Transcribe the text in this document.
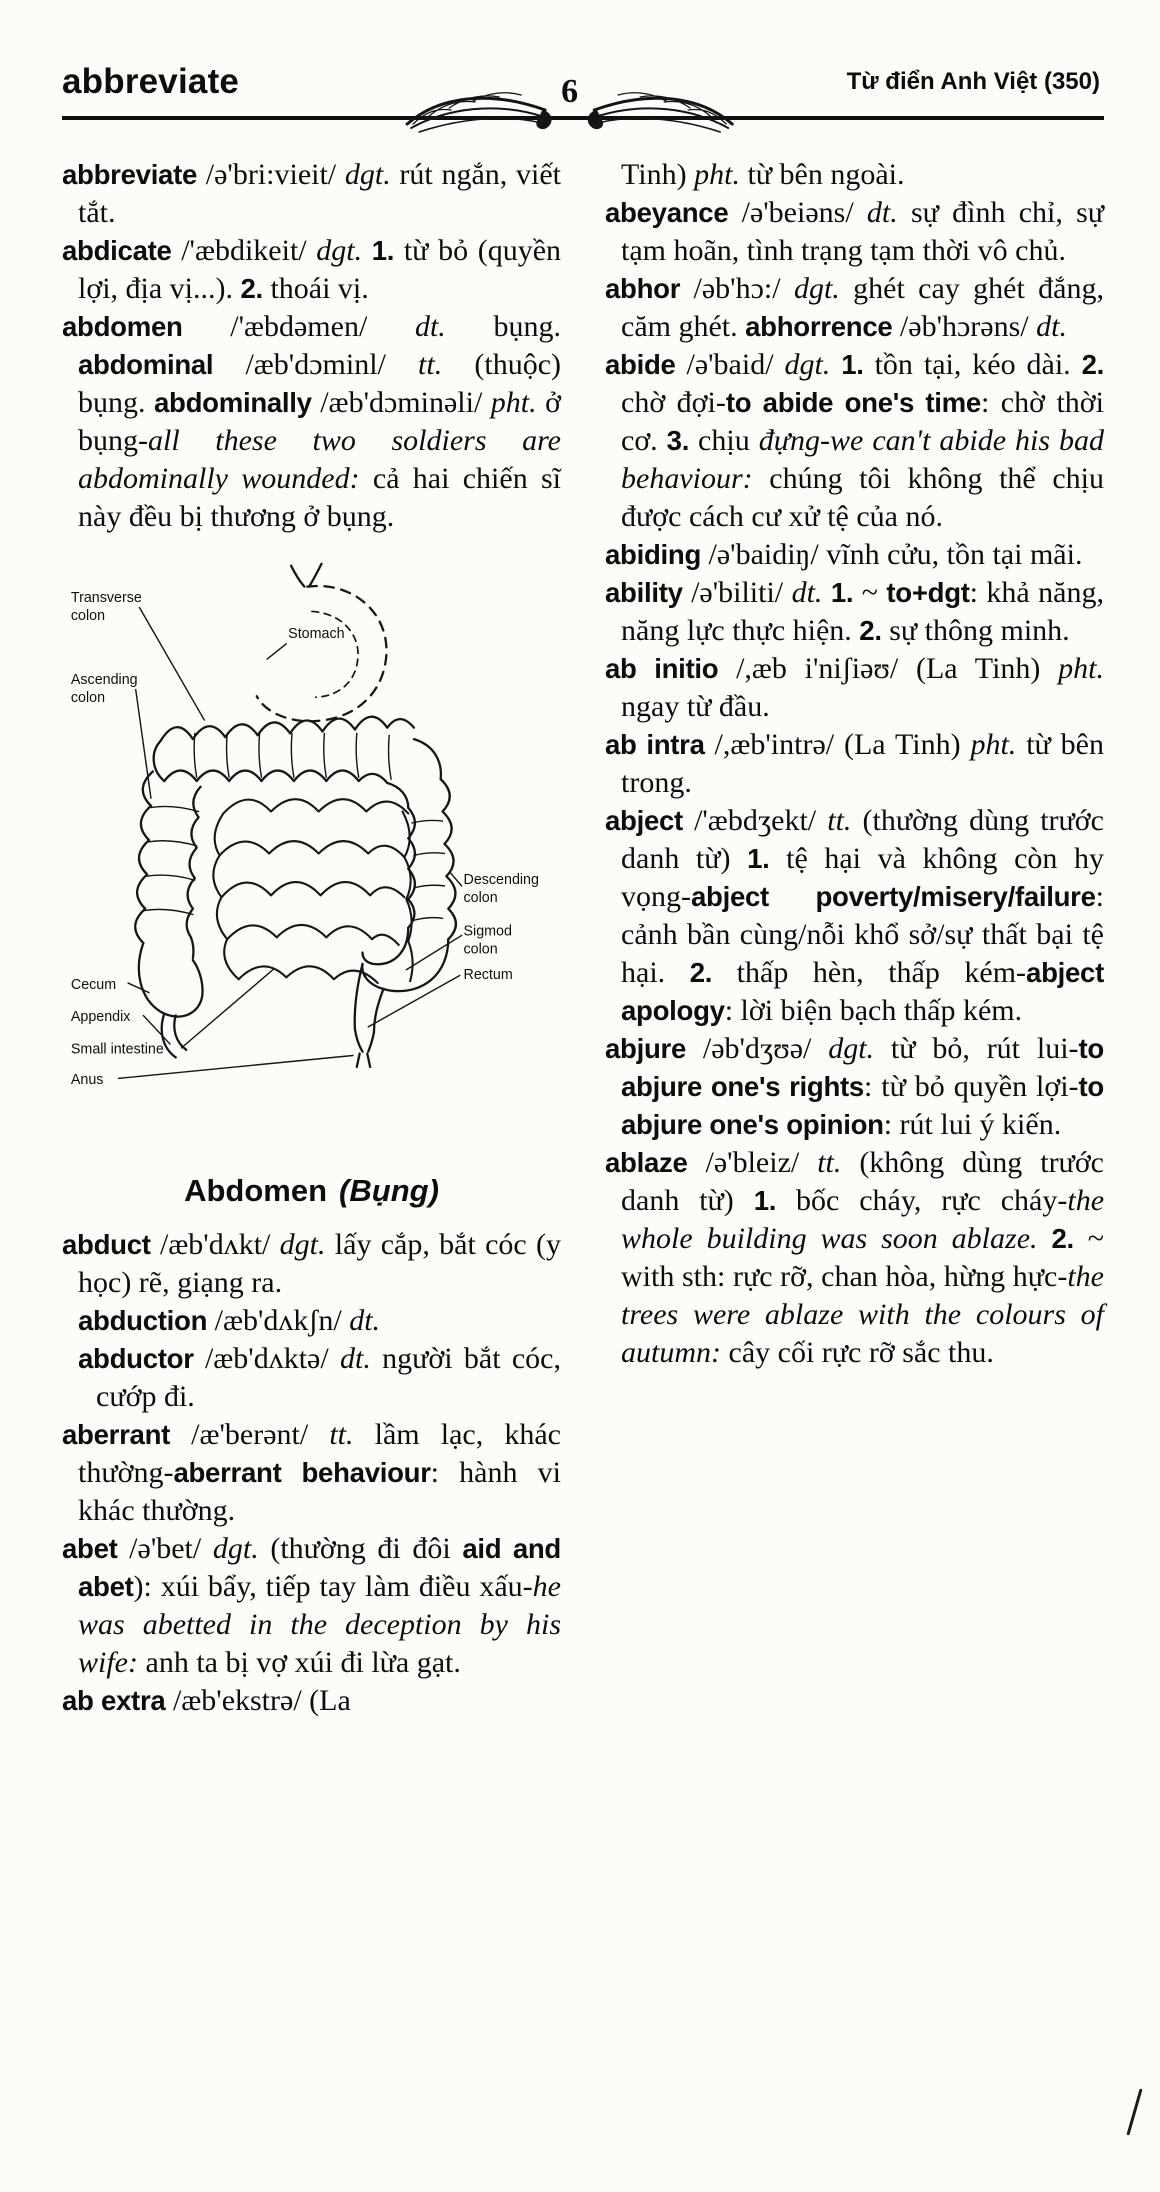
abbreviate	6	Từ điển Anh Việt (350)

abbreviate /ə'bri:vieit/ dgt. rút ngắn, viết tắt.

abdicate /'æbdikeit/ dgt. 1. từ bỏ (quyền lợi, địa vị...). 2. thoái vị.

abdomen /'æbdəmen/ dt. bụng. abdominal /æb'dɔminl/ tt. (thuộc) bụng. abdominally /æb'dɔminəli/ pht. ở bụng-all these two soldiers are abdominally wounded: cả hai chiến sĩ này đều bị thương ở bụng.

Transverse colon
Ascending colon
Stomach
Cecum
Appendix
Small intestine
Anus
Descending colon
Sigmod colon
Rectum
Abdomen (Bụng)

abduct /æb'dʌkt/ dgt. lấy cắp, bắt cóc (y học) rẽ, giạng ra.

abduction /æb'dʌkʃn/ dt.

abductor /æb'dʌktə/ dt. người bắt cóc, cướp đi.

aberrant /æ'berənt/ tt. lầm lạc, khác thường-aberrant behaviour: hành vi khác thường.

abet /ə'bet/ dgt. (thường đi đôi aid and abet): xúi bẩy, tiếp tay làm điều xấu-he was abetted in the deception by his wife: anh ta bị vợ xúi đi lừa gạt.

ab extra /æb'ekstrə/ (La

Tinh) pht. từ bên ngoài.

abeyance /ə'beiəns/ dt. sự đình chỉ, sự tạm hoãn, tình trạng tạm thời vô chủ.

abhor /əb'hɔ:/ dgt. ghét cay ghét đắng, căm ghét. abhorrence /əb'hɔrəns/ dt.

abide /ə'baid/ dgt. 1. tồn tại, kéo dài. 2. chờ đợi-to abide one's time: chờ thời cơ. 3. chịu đựng-we can't abide his bad behaviour: chúng tôi không thể chịu được cách cư xử tệ của nó.

abiding /ə'baidiŋ/ vĩnh cửu, tồn tại mãi.

ability /ə'biliti/ dt. 1. ~ to+dgt: khả năng, năng lực thực hiện. 2. sự thông minh.

ab initio /,æb i'niʃiəʊ/ (La Tinh) pht. ngay từ đầu.

ab intra /,æb'intrə/ (La Tinh) pht. từ bên trong.

abject /'æbdʒekt/ tt. (thường dùng trước danh từ) 1. tệ hại và không còn hy vọng-abject poverty/misery/failure: cảnh bần cùng/nỗi khổ sở/sự thất bại tệ hại. 2. thấp hèn, thấp kém-abject apology: lời biện bạch thấp kém.

abjure /əb'dʒʊə/ dgt. từ bỏ, rút lui-to abjure one's rights: từ bỏ quyền lợi-to abjure one's opinion: rút lui ý kiến.

ablaze /ə'bleiz/ tt. (không dùng trước danh từ) 1. bốc cháy, rực cháy-the whole building was soon ablaze. 2. ~ with sth: rực rỡ, chan hòa, hừng hực-the trees were ablaze with the colours of autumn: cây cối rực rỡ sắc thu.
